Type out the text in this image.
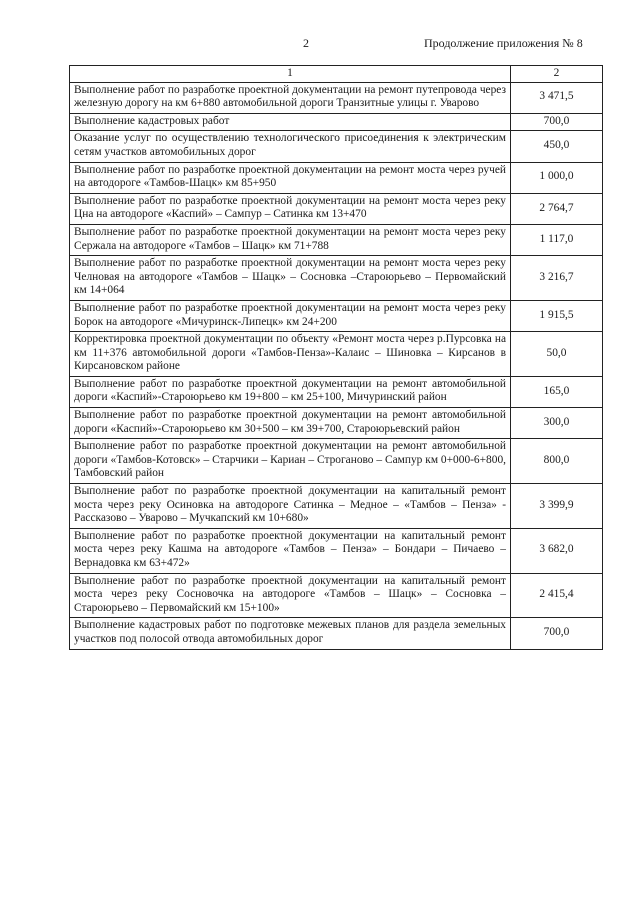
2	Продолжение приложения № 8
1	2
Выполнение работ по разработке проектной документации на ремонт путепровода через железную дорогу на км 6+880 автомобильной дороги Транзитные улицы г. Уварово	3 471,5
Выполнение кадастровых работ	700,0
Оказание услуг по осуществлению технологического присоединения к электрическим сетям участков автомобильных дорог	450,0
Выполнение работ по разработке проектной документации на ремонт моста через ручей на автодороге «Тамбов-Шацк» км 85+950	1 000,0
Выполнение работ по разработке проектной документации на ремонт моста через реку Цна на автодороге «Каспий» – Сампур – Сатинка км 13+470	2 764,7
Выполнение работ по разработке проектной документации на ремонт моста через реку Сержала на автодороге «Тамбов – Шацк» км 71+788	1 117,0
Выполнение работ по разработке проектной документации на ремонт моста через реку Челновая на автодороге «Тамбов – Шацк» – Сосновка –Староюрьево – Первомайский км 14+064	3 216,7
Выполнение работ по разработке проектной документации на ремонт моста через реку Борок на автодороге «Мичуринск-Липецк» км 24+200	1 915,5
Корректировка проектной документации по объекту «Ремонт моста через р.Пурсовка на км 11+376 автомобильной дороги «Тамбов-Пенза»-Калаис – Шиновка – Кирсанов в Кирсановском районе	50,0
Выполнение работ по разработке проектной документации на ремонт автомобильной дороги «Каспий»-Староюрьево км 19+800 – км 25+100, Мичуринский район	165,0
Выполнение работ по разработке проектной документации на ремонт автомобильной дороги «Каспий»-Староюрьево км 30+500 – км 39+700, Староюрьевский район	300,0
Выполнение работ по разработке проектной документации на ремонт автомобильной дороги «Тамбов-Котовск» – Старчики – Кариан – Строганово – Сампур км 0+000-6+800, Тамбовский район	800,0
Выполнение работ по разработке проектной документации на капитальный ремонт моста через реку Осиновка на автодороге Сатинка – Медное – «Тамбов – Пенза» - Рассказово – Уварово – Мучкапский км 10+680»	3 399,9
Выполнение работ по разработке проектной документации на капитальный ремонт моста через реку Кашма на автодороге «Тамбов – Пенза» – Бондари – Пичаево – Вернадовка км 63+472»	3 682,0
Выполнение работ по разработке проектной документации на капитальный ремонт моста через реку Сосновочка на автодороге «Тамбов – Шацк» – Сосновка – Староюрьево – Первомайский км 15+100»	2 415,4
Выполнение кадастровых работ по подготовке межевых планов для раздела земельных участков под полосой отвода автомобильных дорог	700,0
